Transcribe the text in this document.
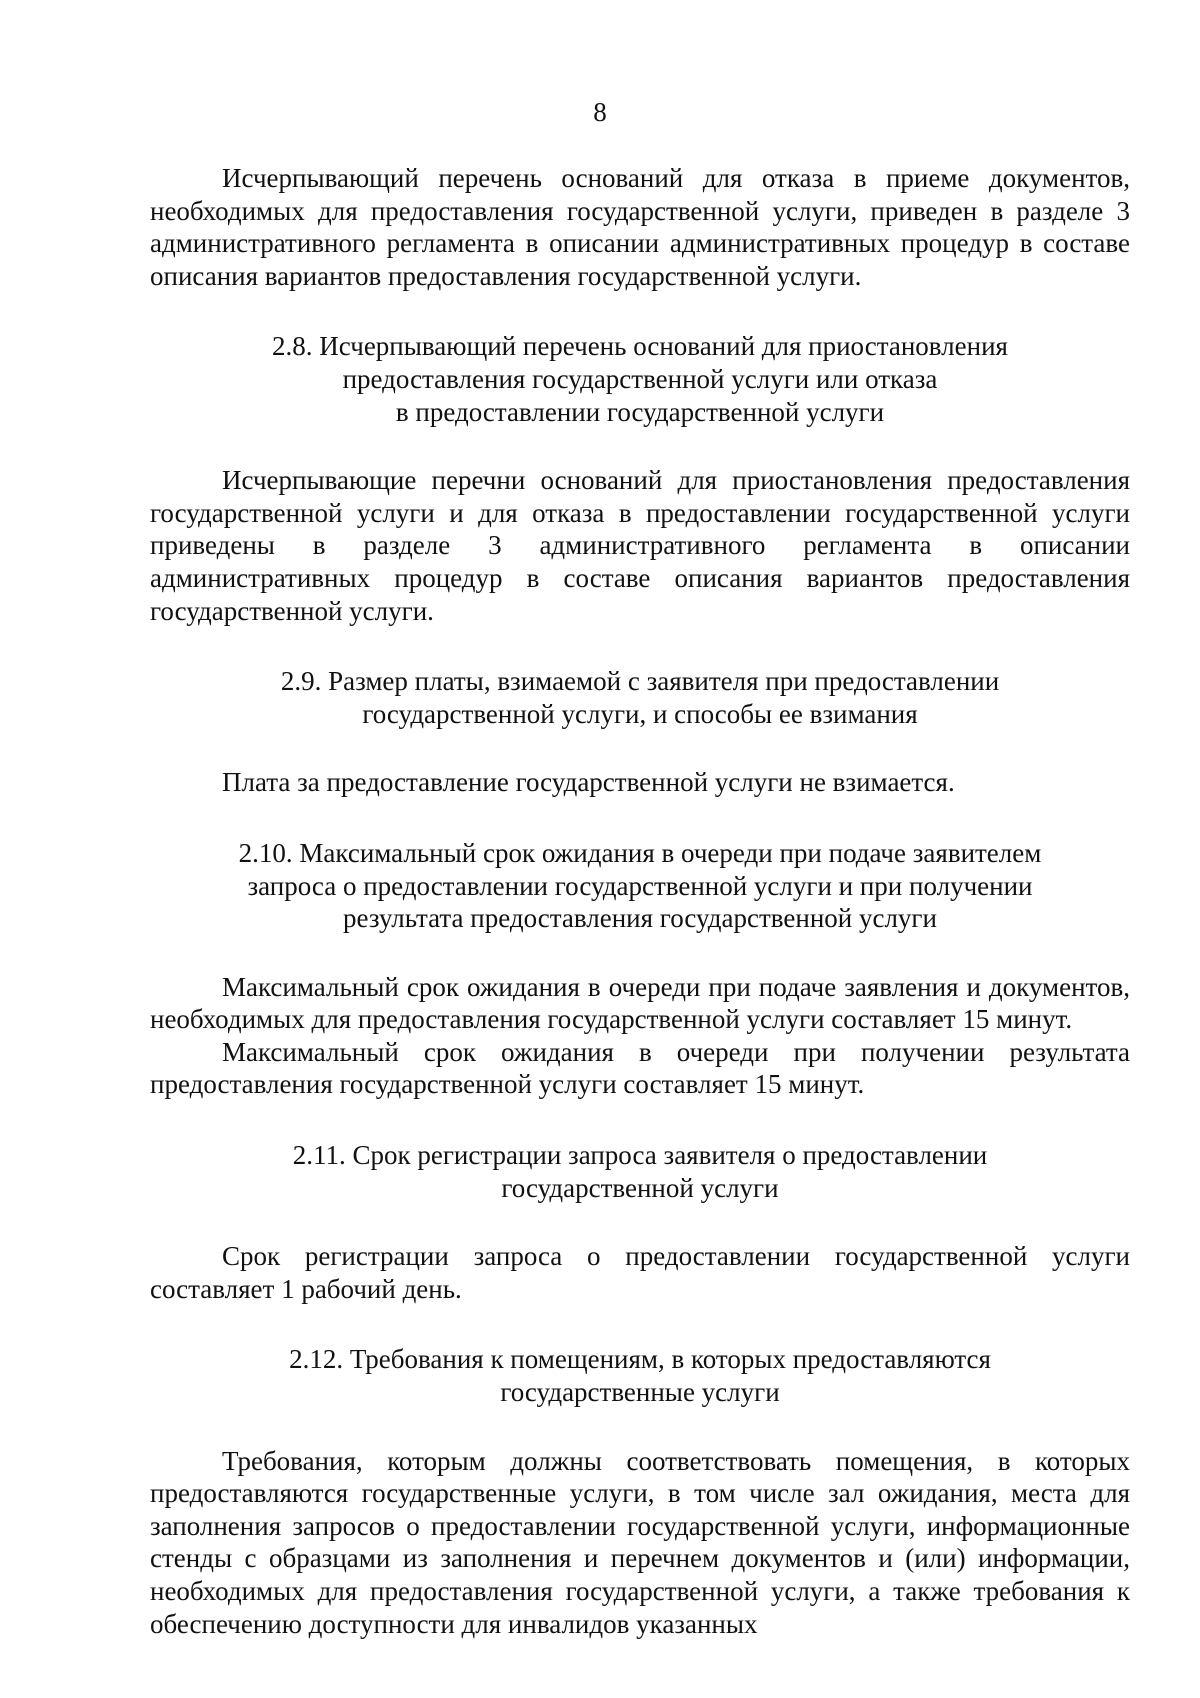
8

Исчерпывающий перечень оснований для отказа в приеме документов, необходимых для предоставления государственной услуги, приведен в разделе 3 административного регламента в описании административных процедур в составе описания вариантов предоставления государственной услуги.

2.8. Исчерпывающий перечень оснований для приостановления
предоставления государственной услуги или отказа
в предоставлении государственной услуги

Исчерпывающие перечни оснований для приостановления предоставления государственной услуги и для отказа в предоставлении государственной услуги приведены в разделе 3 административного регламента в описании административных процедур в составе описания вариантов предоставления государственной услуги.

2.9. Размер платы, взимаемой с заявителя при предоставлении
государственной услуги, и способы ее взимания

Плата за предоставление государственной услуги не взимается.

2.10. Максимальный срок ожидания в очереди при подаче заявителем
запроса о предоставлении государственной услуги и при получении
результата предоставления государственной услуги

Максимальный срок ожидания в очереди при подаче заявления и документов, необходимых для предоставления государственной услуги составляет 15 минут.

Максимальный срок ожидания в очереди при получении результата предоставления государственной услуги составляет 15 минут.

2.11. Срок регистрации запроса заявителя о предоставлении
государственной услуги

Срок регистрации запроса о предоставлении государственной услуги составляет 1 рабочий день.

2.12. Требования к помещениям, в которых предоставляются
государственные услуги

Требования, которым должны соответствовать помещения, в которых предоставляются государственные услуги, в том числе зал ожидания, места для заполнения запросов о предоставлении государственной услуги, информационные стенды с образцами из заполнения и перечнем документов и (или) информации, необходимых для предоставления государственной услуги, а также требования к обеспечению доступности для инвалидов указанных
